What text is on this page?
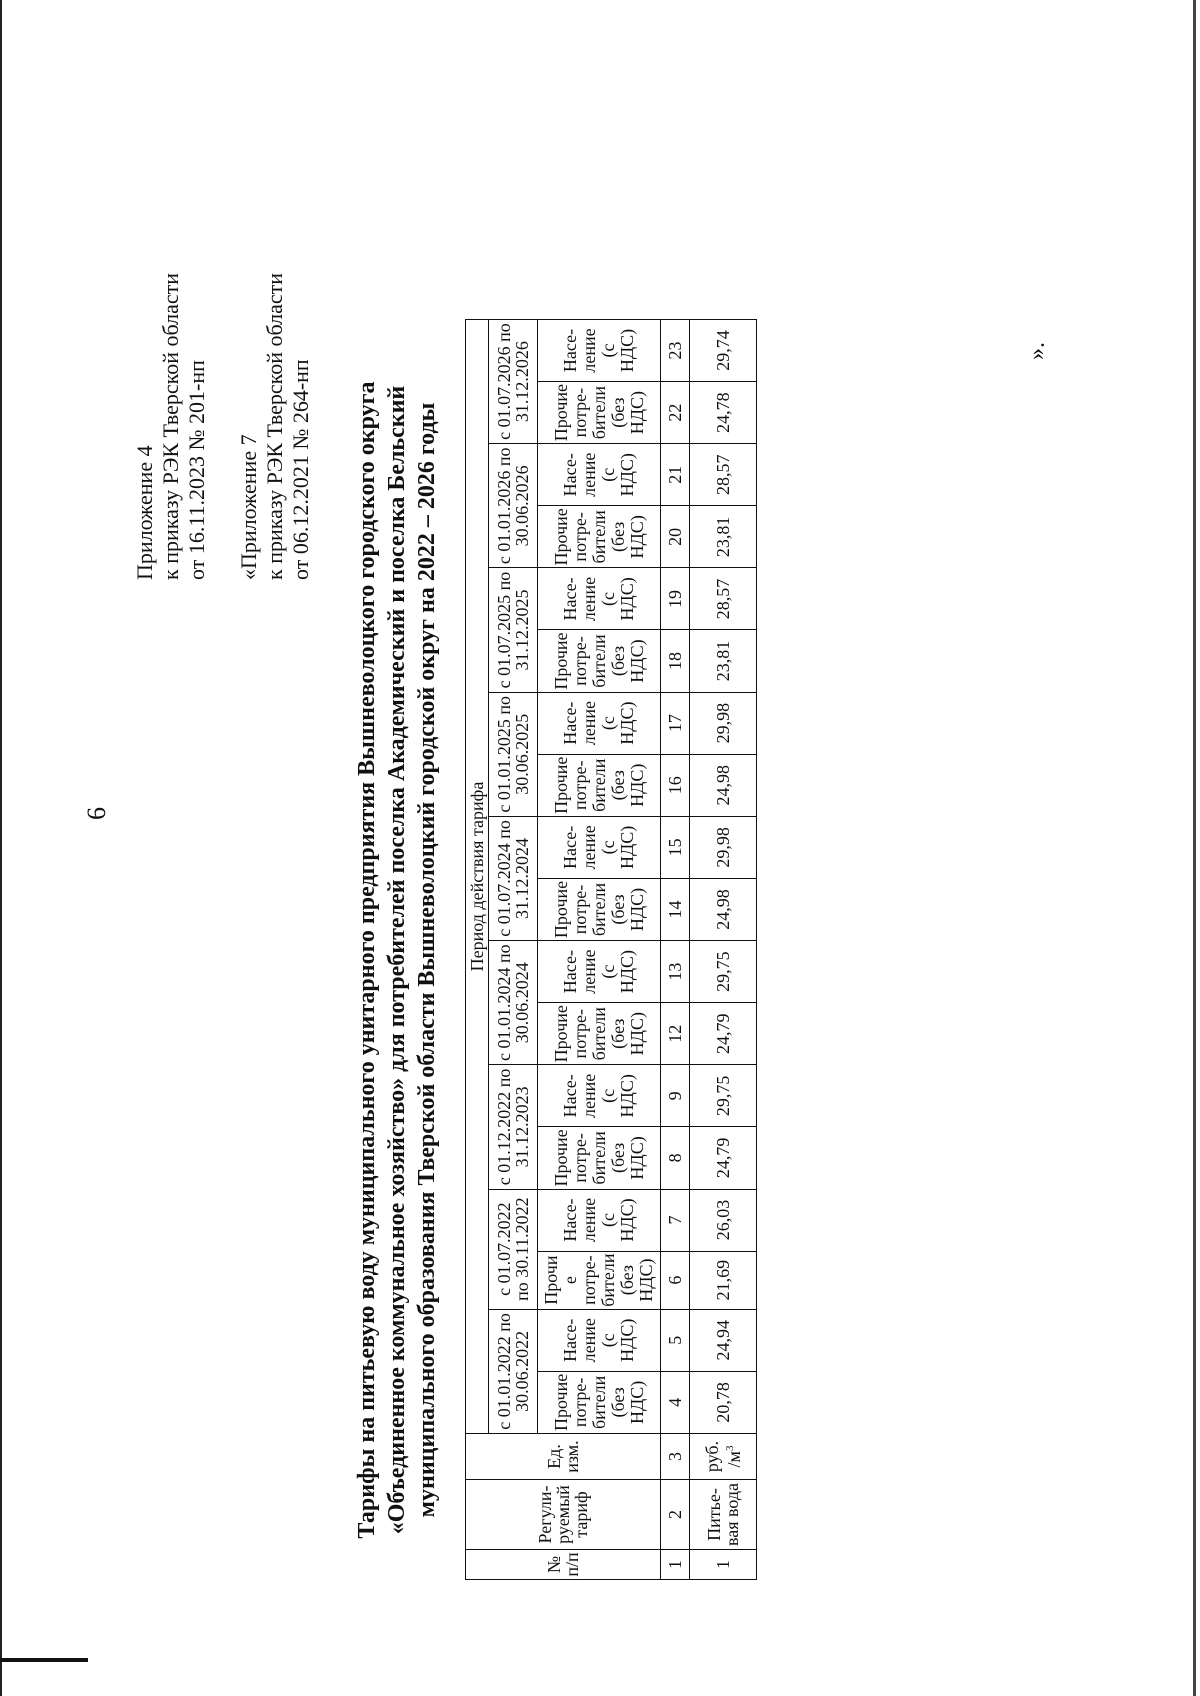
6
Приложение 4 к приказу РЭК Тверской области от 16.11.2023 № 201-нп «Приложение 7 к приказу РЭК Тверской области от 06.12.2021 № 264-нп Тарифы на питьевую воду муниципального унитарного предприятия Вышневолоцкого городского округа «Объединенное коммунальное хозяйство» для потребителей поселка Академический и поселка Бельский муниципального образования Тверской области Вышневолоцкий городской округ на 2022 – 2026 годы
№ п/п	Регули-руемый тариф	Ед. изм.	Период действия тарифа																	
			с 01.01.2022 по 30.06.2022		с 01.07.2022 по 30.11.2022		с 01.12.2022 по 31.12.2023		с 01.01.2024 по 30.06.2024		с 01.07.2024 по 31.12.2024		с 01.01.2025 по 30.06.2025		с 01.07.2025 по 31.12.2025		с 01.01.2026 по 30.06.2026		с 01.07.2026 по 31.12.2026	
			Прочие потре-бители (без НДС)	Насе-ление (с НДС)	Прочи е потре-бители (без НДС)	Насе-ление (с НДС)	Прочие потре-бители (без НДС)	Насе-ление (с НДС)	Прочие потре-бители (без НДС)	Насе-ление (с НДС)	Прочие потре-бители (без НДС)	Насе-ление (с НДС)	Прочие потре-бители (без НДС)	Насе-ление (с НДС)	Прочие потре-бители (без НДС)	Насе-ление (с НДС)	Прочие потре-бители (без НДС)	Насе-ление (с НДС)	Прочие потре-бители (без НДС)	Насе-ление (с НДС)
1	2	3	4	5	6	7	8	9	12	13	14	15	16	17	18	19	20	21	22	23
1	Питье-вая вода	руб. $/м^3$	20,78	24,94	21,69	26,03	24,79	29,75	24,79	29,75	24,98	29,98	24,98	29,98	23,81	28,57	23,81	28,57	24,78	29,74	».
